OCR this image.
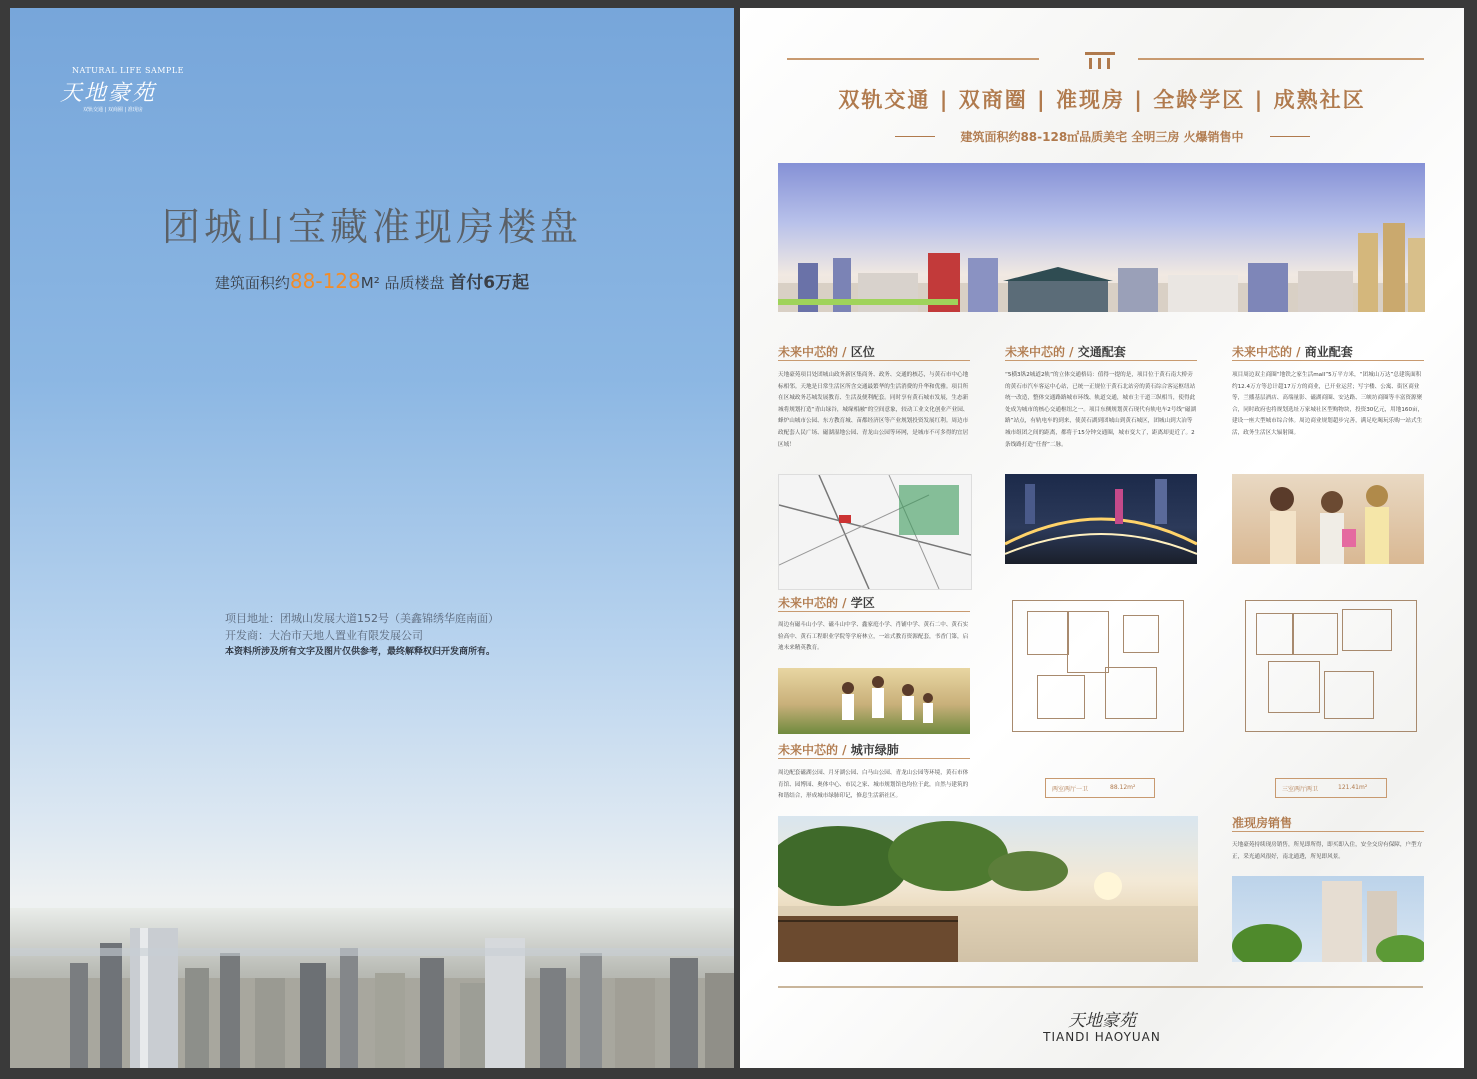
NATURAL LIFE SAMPLE
天地豪苑
双轨交通 | 双商圈 | 准现房
团城山宝藏准现房楼盘
建筑面积约88-128M² 品质楼盘 首付6万起
项目地址：团城山发展大道152号（美鑫锦绣华庭南面）
开发商：大冶市天地人置业有限发展公司
本资料所涉及所有文字及图片仅供参考，最终解释权归开发商所有。
双轨交通 | 双商圈 | 准现房 | 全龄学区 | 成熟社区
建筑面积约88-128㎡品质美宅 全明三房 火爆销售中
未来中芯的 / 区位
天地豪苑项目处团城山政务新区集商务、政务、交通的核芯，与黄石市中心地标相邻。天地是日常生活区所含交通最繁华的生活消费的升华和优雅。项目所在区城政务芯城发展教育、生活及便利配套。同时享有黄石城市发展，生态新城将规划打造“青山绿谷，城缘相融”的空间意象，较动工业文化创业产业园、蜂炉山城市公园、东方教育城、苗都经济区等产业规划投资发展红利。周边市政配套人民广场、磁湖湿地公园、青龙山公园等环网，是城市不可多得的宜居区域！
未来中芯的 / 学区
周边有磁斗山小学、磁斗山中学、鑫家庭小学、肖铺中学、黄石二中、黄石实验高中、黄石工程职业学院等学府林立，一站式教育资源配套，书香门第，启迪未来精英教育。
未来中芯的 / 城市绿肺
周边配套磁湖公园、月牙湖公园、白马山公园、青龙山公园等环境，黄石市体育馆、园博园、奥体中心、市民之家、城市规划馆也均位于此，自然与建筑的和谐结合，形成城市绿肺印记，修息生活新社区。
未来中芯的 / 交通配套
“5横3纵2城道2轨”的立体交通格局：值得一提的是，项目位于黄石南大桥旁的黄石市汽车客运中心站，已统一正规位于黄石北站旁的黄石综合客运枢纽站统一改造，整体交通路路城市环线、轨道交通，城市主干道三纵相当，使得此处成为城市的核心交通枢纽之一。项目东侧规划黄石现代有轨电车2号线“磁湖路”站点，有轨电车的到来，使黄石湖到团城山到黄石城区，团城山到大冶等城市组团之间的距离，都将于15分钟交通圈，城市变大了，距离却更近了。2条线路打造“任督”二脉。
两室两厅一卫	88.12m²
未来中芯的 / 商业配套
项目周边双主商圈“地铁之家生活mall”5万平方米，“团城山万达”总建筑面积约12.4万方等总计超17万方的商业，已开业运营；写字楼、公寓、街区商业等，兰播基层酒店、高端量影、磁湖商圈、安达路、三峡坊商圈等丰富资源聚合，同时政府也将规划选址万家城社区型购物块，投资30亿元，用地160亩，建设一座大型城市综合体。周边商业规划超步完善，满足吃喝玩乐购一站式生活，政务生活区大辐射圈。
三室两厅两卫	121.41m²
准现房销售
天地豪苑持续现房销售，所见即所得，即买即入住，安全交房有保障，户型方正，采光通风很好，南北通透，所见即风景。
天地豪苑
TIANDI HAOYUAN
